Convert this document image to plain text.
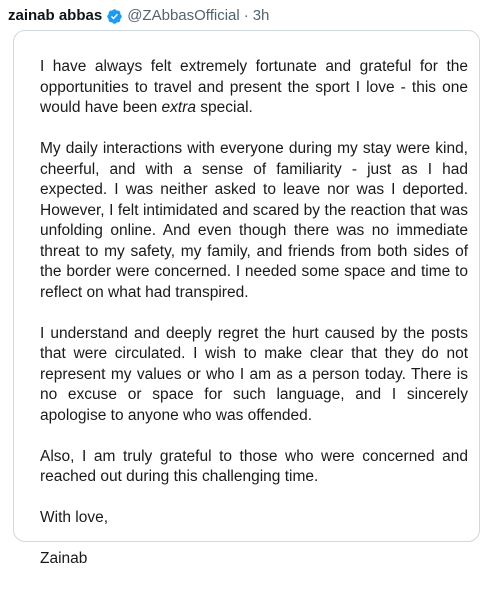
zainab abbas @ZAbbasOfficial · 3h

I have always felt extremely fortunate and grateful for the opportunities to travel and present the sport I love - this one would have been extra special.

My daily interactions with everyone during my stay were kind, cheerful, and with a sense of familiarity - just as I had expected. I was neither asked to leave nor was I deported. However, I felt intimidated and scared by the reaction that was unfolding online. And even though there was no immediate threat to my safety, my family, and friends from both sides of the border were concerned. I needed some space and time to reflect on what had transpired.

I understand and deeply regret the hurt caused by the posts that were circulated. I wish to make clear that they do not represent my values or who I am as a person today. There is no excuse or space for such language, and I sincerely apologise to anyone who was offended.

Also, I am truly grateful to those who were concerned and reached out during this challenging time.

With love,

Zainab
